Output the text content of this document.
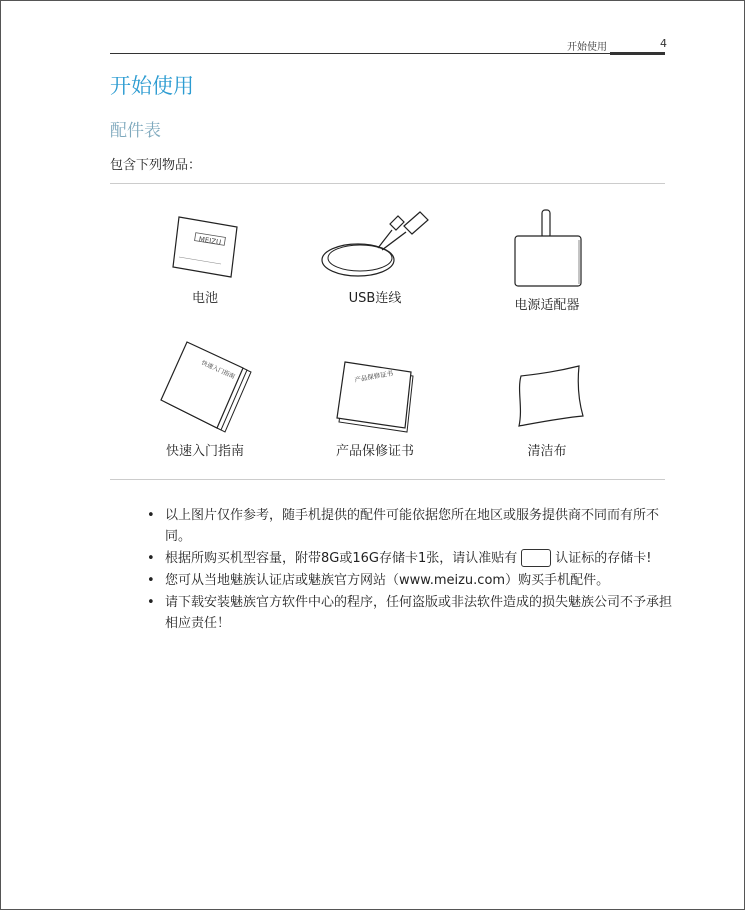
开始使用	4
开始使用
配件表
包含下列物品：
MEIZU
电池	USB连线	电源适配器
快速入门指南
快速入门指南
产品保修证书
产品保修证书	清洁布
• 以上图片仅作参考，随手机提供的配件可能依据您所在地区或服务提供商不同而有所不同。
• 根据所购买机型容量，附带8G或16G存储卡1张，请认准贴有	认证标的存储卡!
• 您可从当地魅族认证店或魅族官方网站（www.meizu.com）购买手机配件。
• 请下载安装魅族官方软件中心的程序，任何盗版或非法软件造成的损失魅族公司不予承担相应责任！
